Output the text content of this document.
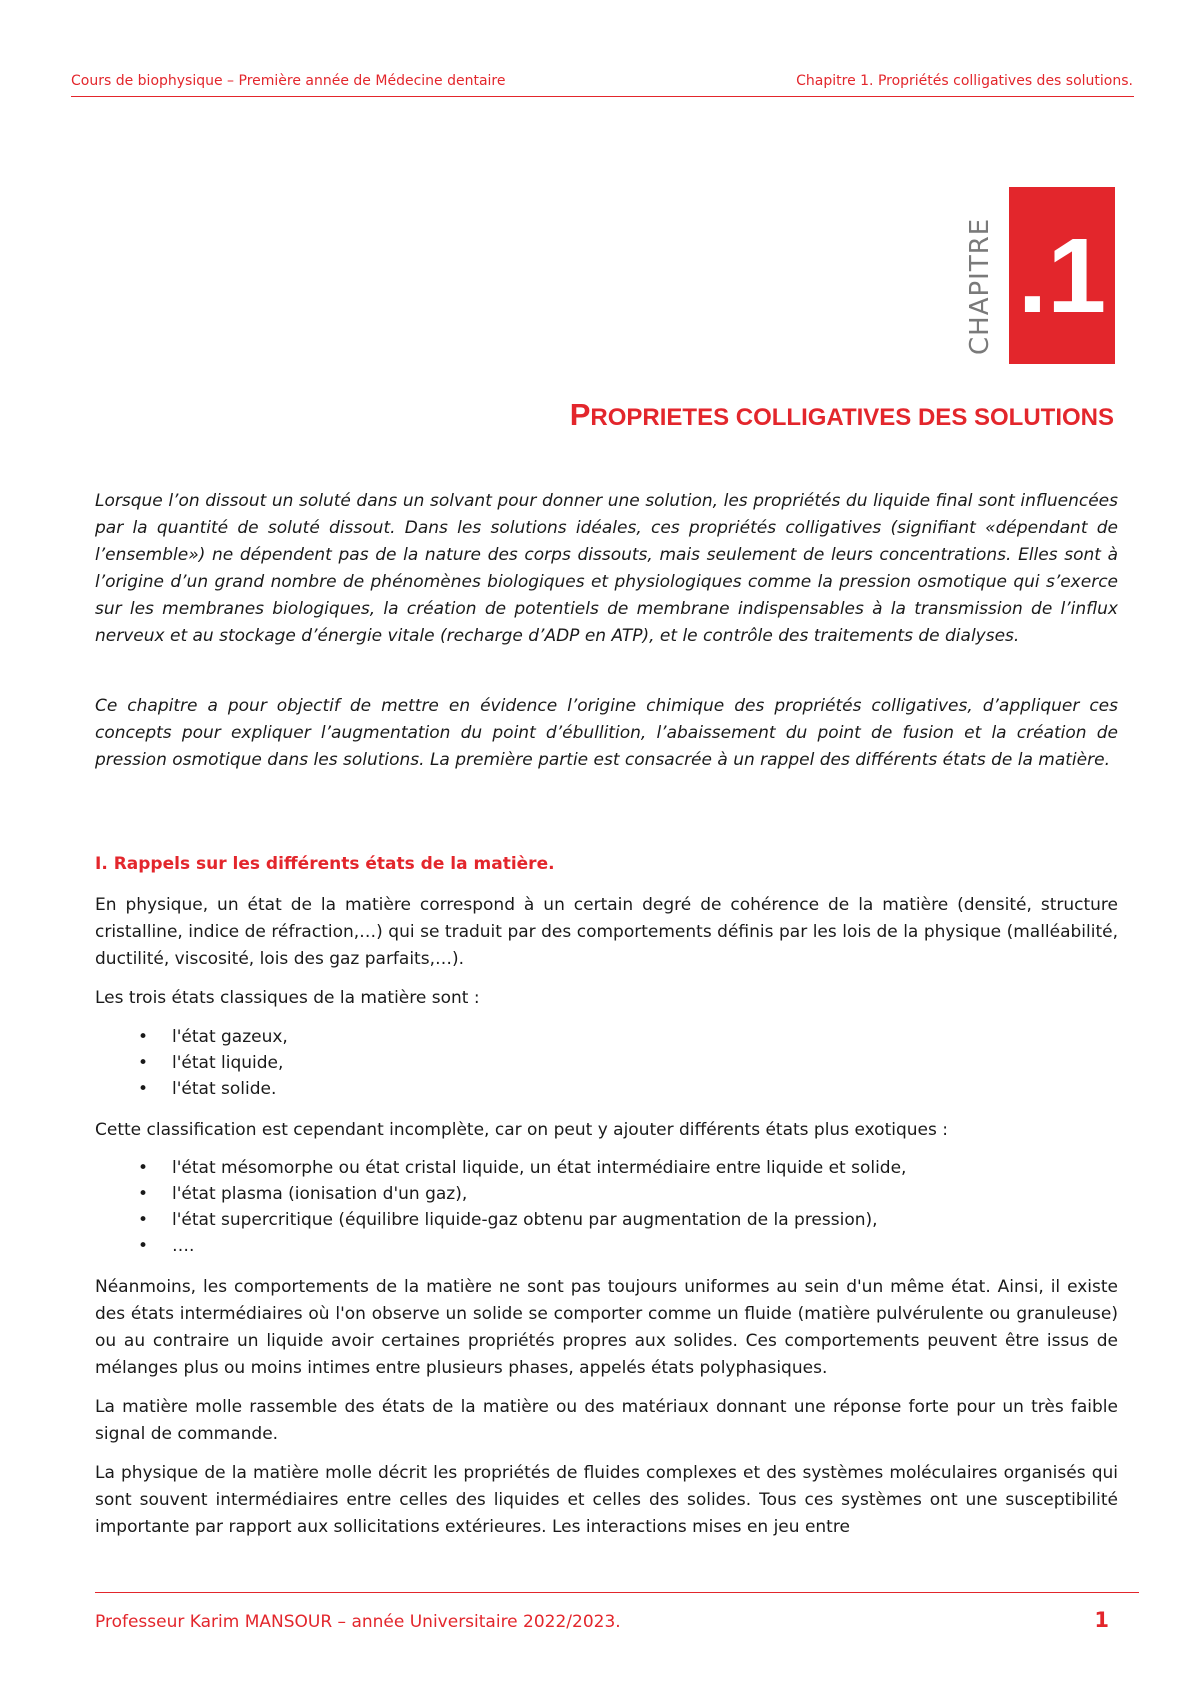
Cours de biophysique – Première année de Médecine dentaire	Chapitre 1. Propriétés colligatives des solutions.
CHAPITRE .1
PROPRIETES COLLIGATIVES DES SOLUTIONS

Lorsque l’on dissout un soluté dans un solvant pour donner une solution, les propriétés du liquide final sont influencées par la quantité de soluté dissout. Dans les solutions idéales, ces propriétés colligatives (signifiant «dépendant de l’ensemble») ne dépendent pas de la nature des corps dissouts, mais seulement de leurs concentrations. Elles sont à l’origine d’un grand nombre de phénomènes biologiques et physiologiques comme la pression osmotique qui s’exerce sur les membranes biologiques, la création de potentiels de membrane indispensables à la transmission de l’influx nerveux et au stockage d’énergie vitale (recharge d’ADP en ATP), et le contrôle des traitements de dialyses.

Ce chapitre a pour objectif de mettre en évidence l’origine chimique des propriétés colligatives, d’appliquer ces concepts pour expliquer l’augmentation du point d’ébullition, l’abaissement du point de fusion et la création de pression osmotique dans les solutions. La première partie est consacrée à un rappel des différents états de la matière.

I. Rappels sur les différents états de la matière.

En physique, un état de la matière correspond à un certain degré de cohérence de la matière (densité, structure cristalline, indice de réfraction,…) qui se traduit par des comportements définis par les lois de la physique (malléabilité, ductilité, viscosité, lois des gaz parfaits,…).

Les trois états classiques de la matière sont :

• l'état gazeux,
• l'état liquide,
• l'état solide.

Cette classification est cependant incomplète, car on peut y ajouter différents états plus exotiques :

• l'état mésomorphe ou état cristal liquide, un état intermédiaire entre liquide et solide,
• l'état plasma (ionisation d'un gaz),
• l'état supercritique (équilibre liquide-gaz obtenu par augmentation de la pression),
• ….

Néanmoins, les comportements de la matière ne sont pas toujours uniformes au sein d'un même état. Ainsi, il existe des états intermédiaires où l'on observe un solide se comporter comme un fluide (matière pulvérulente ou granuleuse) ou au contraire un liquide avoir certaines propriétés propres aux solides. Ces comportements peuvent être issus de mélanges plus ou moins intimes entre plusieurs phases, appelés états polyphasiques.

La matière molle rassemble des états de la matière ou des matériaux donnant une réponse forte pour un très faible signal de commande.

La physique de la matière molle décrit les propriétés de fluides complexes et des systèmes moléculaires organisés qui sont souvent intermédiaires entre celles des liquides et celles des solides. Tous ces systèmes ont une susceptibilité importante par rapport aux sollicitations extérieures. Les interactions mises en jeu entre

Professeur Karim MANSOUR – année Universitaire 2022/2023.	1
